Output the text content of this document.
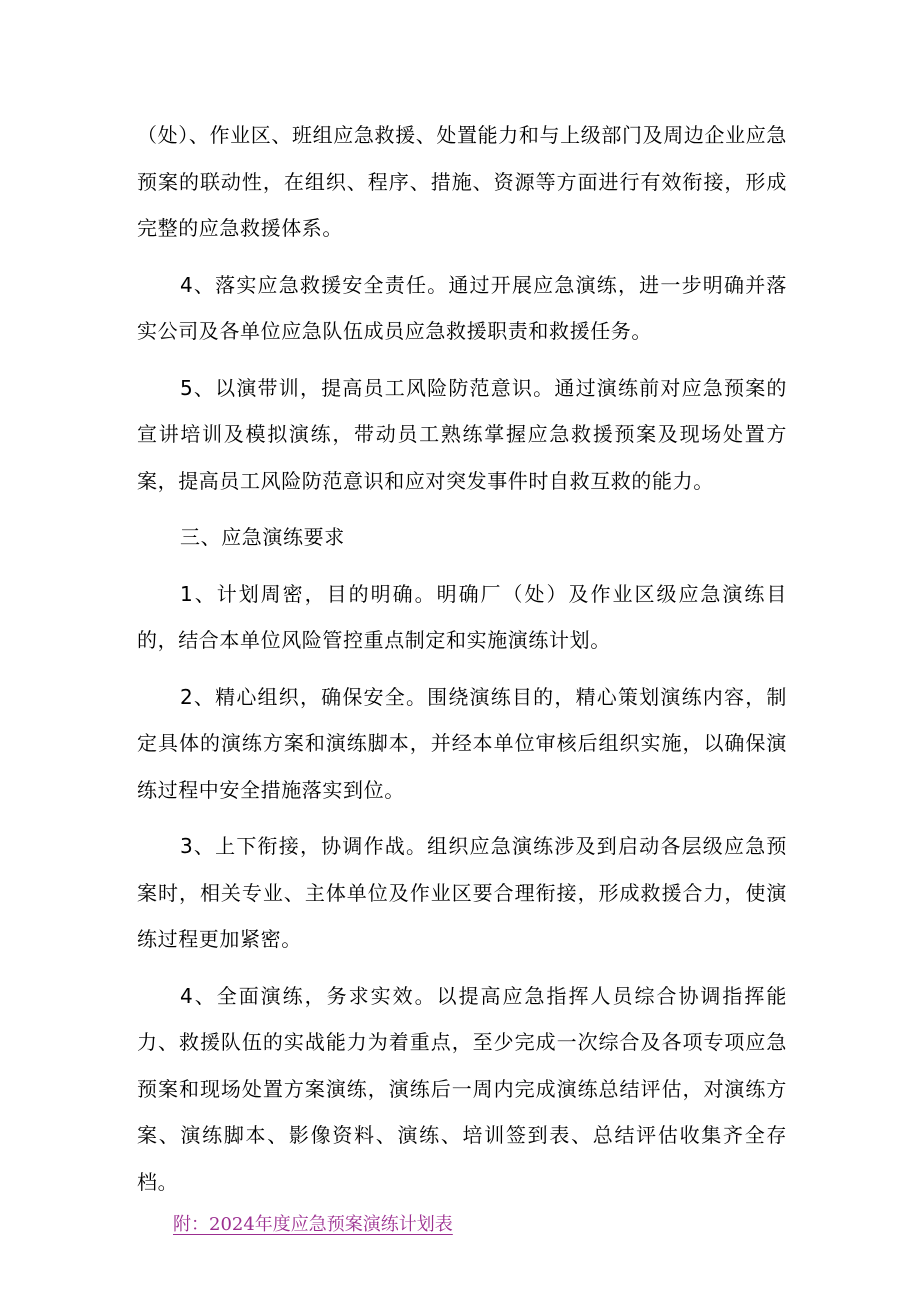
（处）、作业区、班组应急救援、处置能力和与上级部门及周边企业应急预案的联动性，在组织、程序、措施、资源等方面进行有效衔接，形成完整的应急救援体系。

4、落实应急救援安全责任。通过开展应急演练，进一步明确并落实公司及各单位应急队伍成员应急救援职责和救援任务。

5、以演带训，提高员工风险防范意识。通过演练前对应急预案的宣讲培训及模拟演练，带动员工熟练掌握应急救援预案及现场处置方案，提高员工风险防范意识和应对突发事件时自救互救的能力。

三、应急演练要求

1、计划周密，目的明确。明确厂（处）及作业区级应急演练目的，结合本单位风险管控重点制定和实施演练计划。

2、精心组织，确保安全。围绕演练目的，精心策划演练内容，制定具体的演练方案和演练脚本，并经本单位审核后组织实施，以确保演练过程中安全措施落实到位。

3、上下衔接，协调作战。组织应急演练涉及到启动各层级应急预案时，相关专业、主体单位及作业区要合理衔接，形成救援合力，使演练过程更加紧密。

4、全面演练，务求实效。以提高应急指挥人员综合协调指挥能力、救援队伍的实战能力为着重点，至少完成一次综合及各项专项应急预案和现场处置方案演练，演练后一周内完成演练总结评估，对演练方案、演练脚本、影像资料、演练、培训签到表、总结评估收集齐全存档。

附：2024年度应急预案演练计划表
